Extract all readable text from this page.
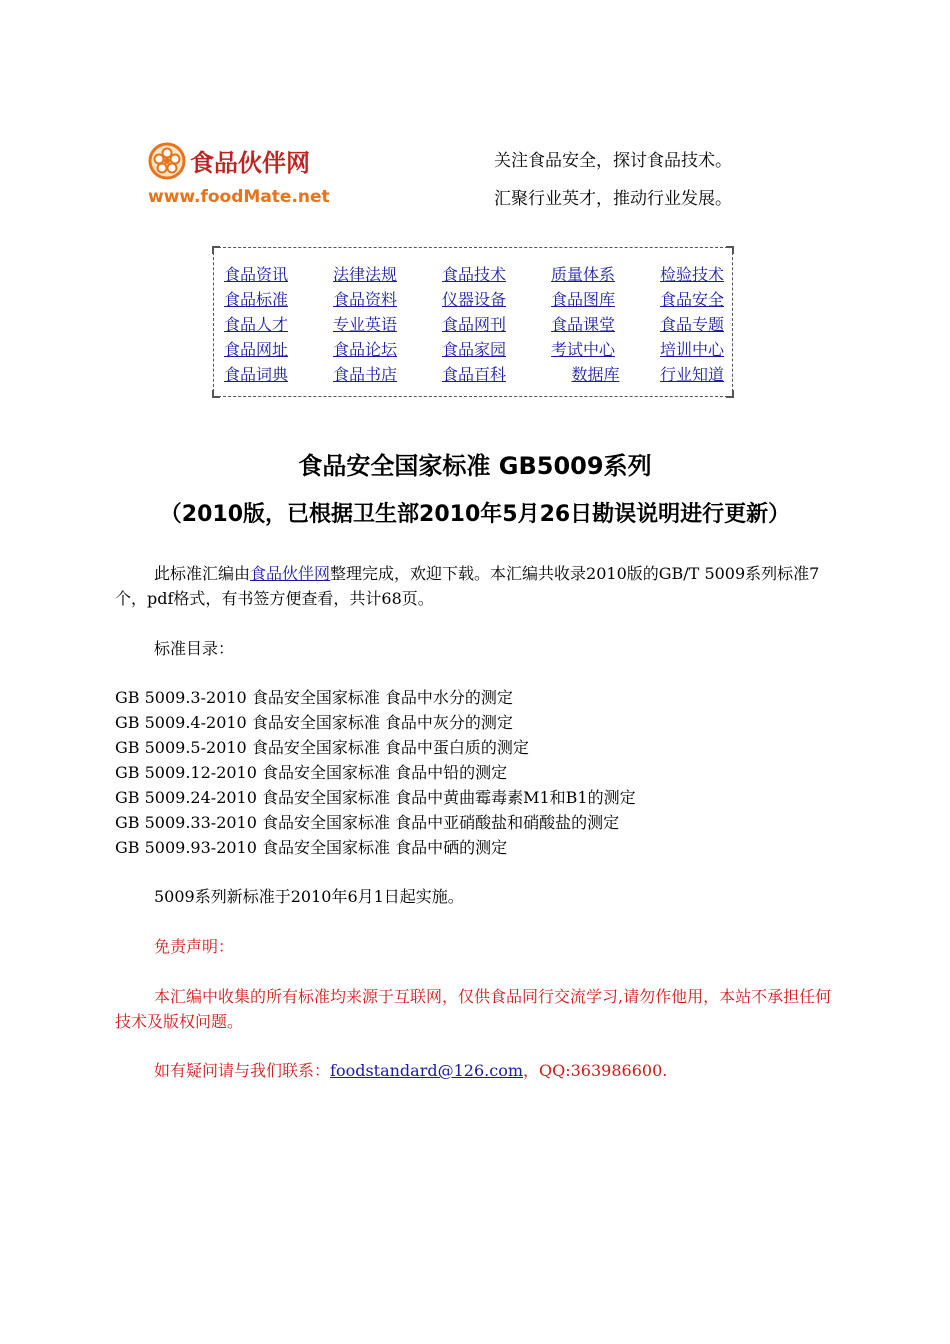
食品伙伴网
www.foodMate.net
关注食品安全，探讨食品技术。
汇聚行业英才，推动行业发展。
食品资讯	法律法规	食品技术	质量体系	检验技术
食品标准	食品资料	仪器设备	食品图库	食品安全
食品人才	专业英语	食品网刊	食品课堂	食品专题
食品网址	食品论坛	食品家园	考试中心	培训中心
食品词典	食品书店	食品百科	数据库	行业知道
食品安全国家标准 GB5009系列
（2010版，已根据卫生部2010年5月26日勘误说明进行更新）
此标准汇编由食品伙伴网整理完成，欢迎下载。本汇编共收录2010版的GB/T 5009系列标准7个，pdf格式，有书签方便查看，共计68页。
标准目录：
GB 5009.3-2010 食品安全国家标准 食品中水分的测定
GB 5009.4-2010 食品安全国家标准 食品中灰分的测定
GB 5009.5-2010 食品安全国家标准 食品中蛋白质的测定
GB 5009.12-2010 食品安全国家标准 食品中铅的测定
GB 5009.24-2010 食品安全国家标准 食品中黄曲霉毒素M1和B1的测定
GB 5009.33-2010 食品安全国家标准 食品中亚硝酸盐和硝酸盐的测定
GB 5009.93-2010 食品安全国家标准 食品中硒的测定
5009系列新标准于2010年6月1日起实施。
免责声明：
本汇编中收集的所有标准均来源于互联网，仅供食品同行交流学习,请勿作他用，本站不承担任何技术及版权问题。
如有疑问请与我们联系：foodstandard@126.com，QQ:363986600.
